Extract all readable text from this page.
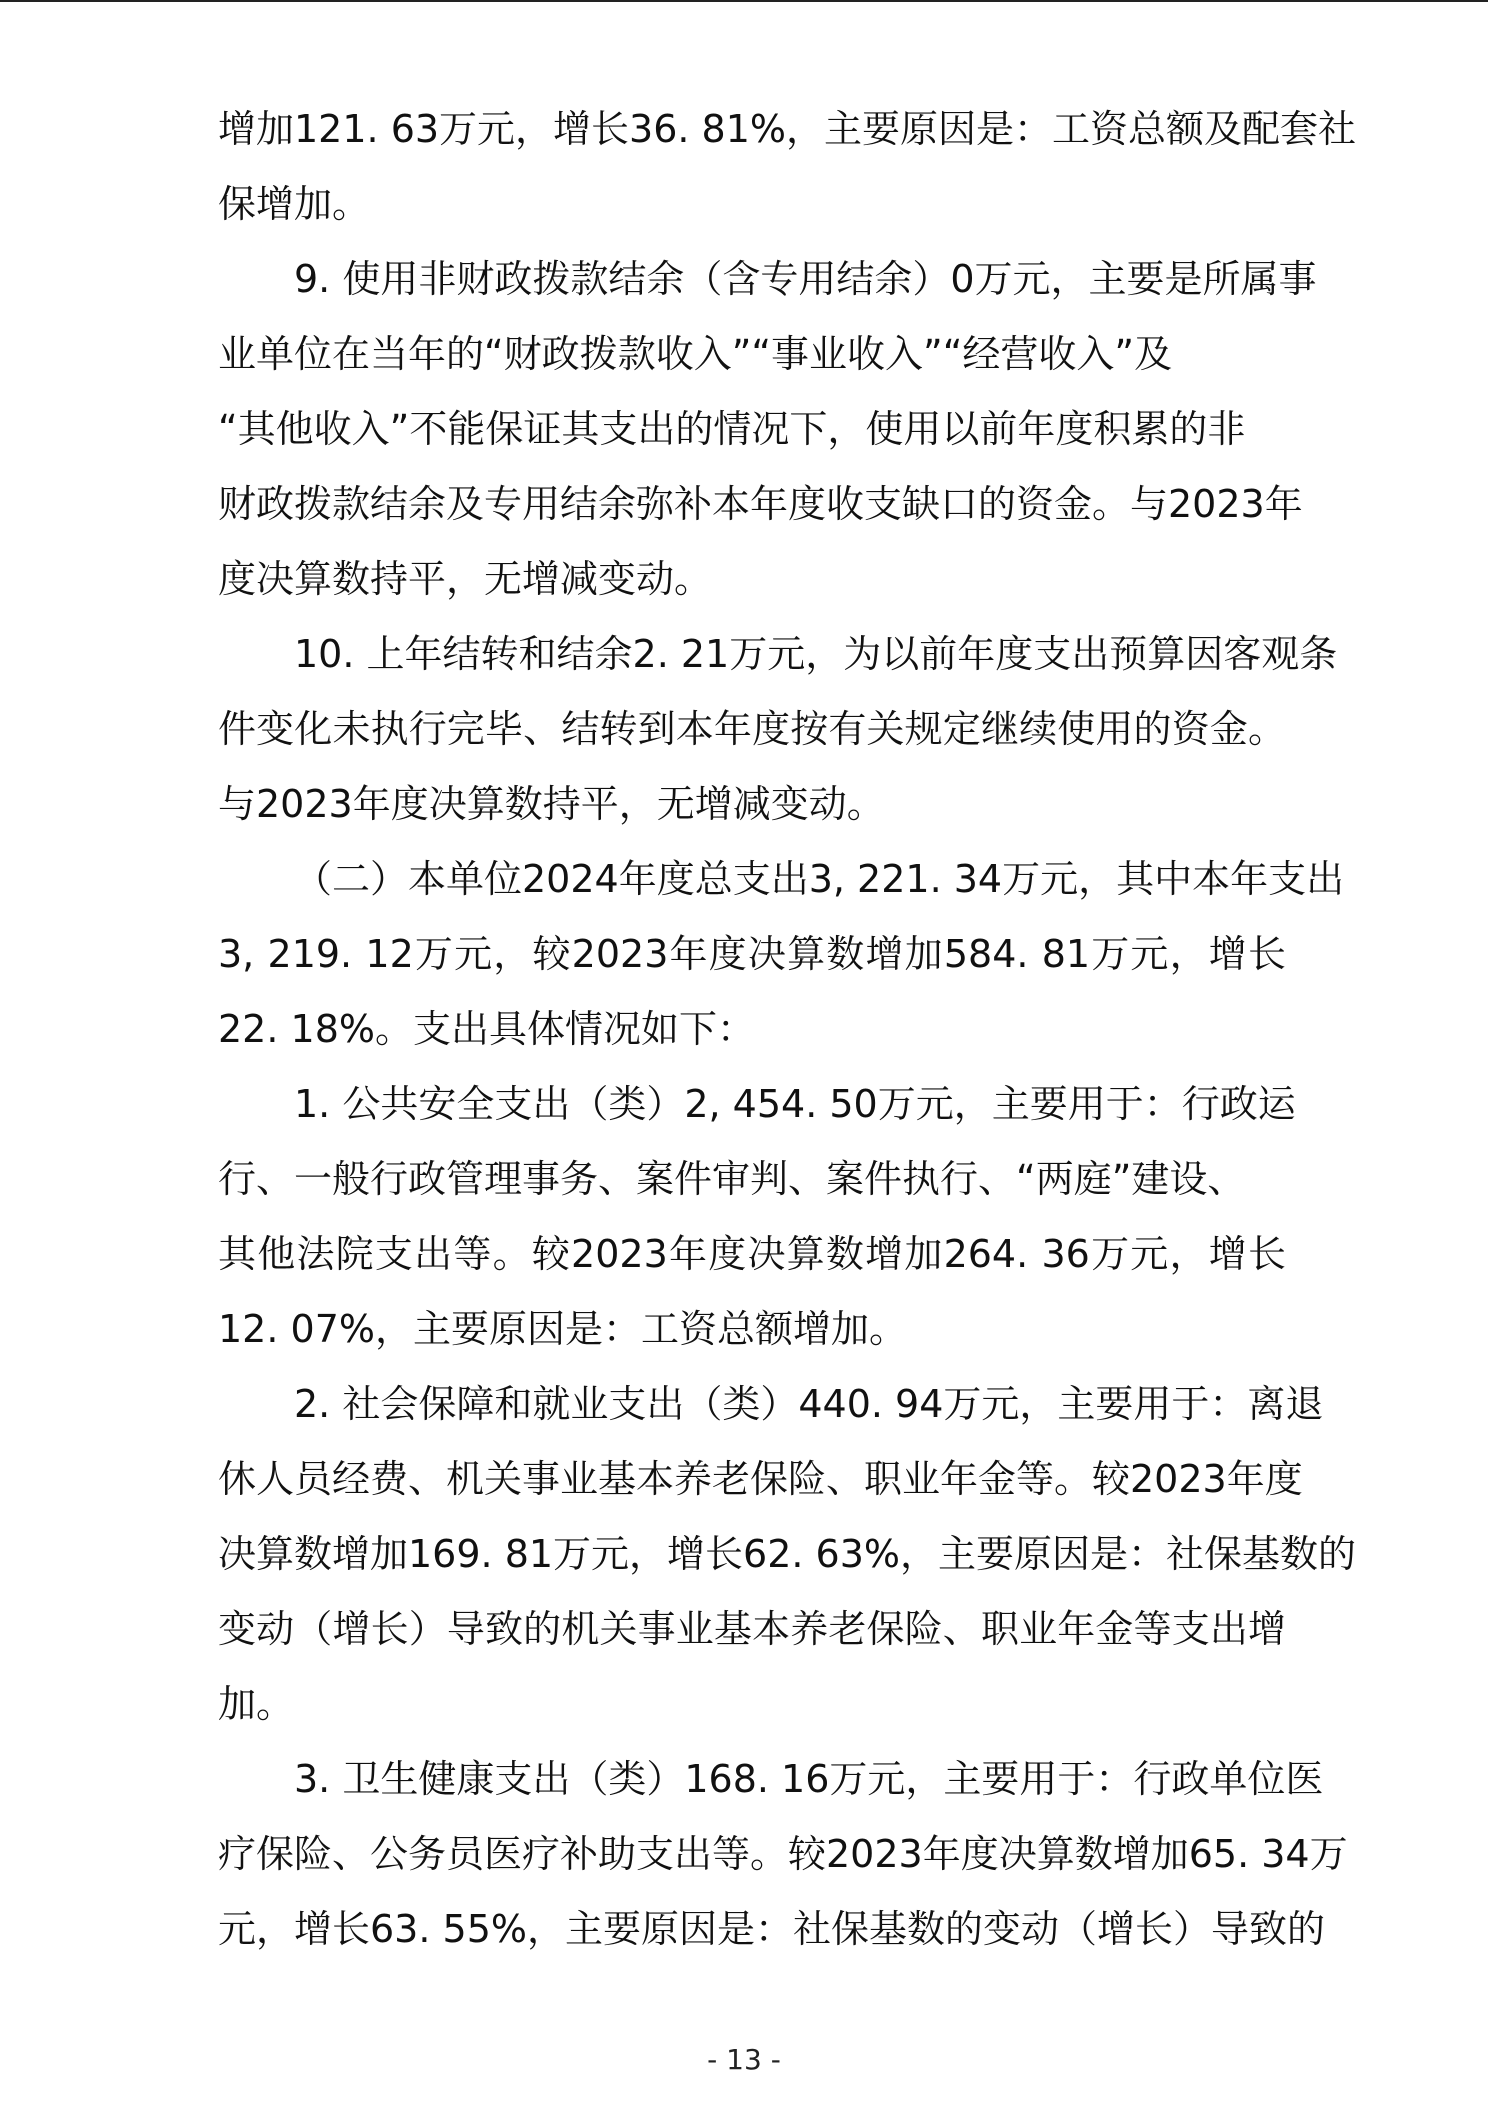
增加121. 63万元，增长36. 81%，主要原因是：工资总额及配套社
保增加。

9. 使用非财政拨款结余（含专用结余）0万元，主要是所属事
业单位在当年的“财政拨款收入”“事业收入”“经营收入”及
“其他收入”不能保证其支出的情况下，使用以前年度积累的非
财政拨款结余及专用结余弥补本年度收支缺口的资金。与2023年
度决算数持平，无增减变动。

10. 上年结转和结余2. 21万元，为以前年度支出预算因客观条
件变化未执行完毕、结转到本年度按有关规定继续使用的资金。
与2023年度决算数持平，无增减变动。

（二）本单位2024年度总支出3, 221. 34万元，其中本年支出
3, 219. 12万元，较2023年度决算数增加584. 81万元，增长
22. 18%。支出具体情况如下：

1. 公共安全支出（类）2, 454. 50万元，主要用于：行政运
行、一般行政管理事务、案件审判、案件执行、“两庭”建设、
其他法院支出等。较2023年度决算数增加264. 36万元，增长
12. 07%，主要原因是：工资总额增加。

2. 社会保障和就业支出（类）440. 94万元，主要用于：离退
休人员经费、机关事业基本养老保险、职业年金等。较2023年度
决算数增加169. 81万元，增长62. 63%，主要原因是：社保基数的
变动（增长）导致的机关事业基本养老保险、职业年金等支出增
加。

3. 卫生健康支出（类）168. 16万元，主要用于：行政单位医
疗保险、公务员医疗补助支出等。较2023年度决算数增加65. 34万
元，增长63. 55%，主要原因是：社保基数的变动（增长）导致的

- 13 -
